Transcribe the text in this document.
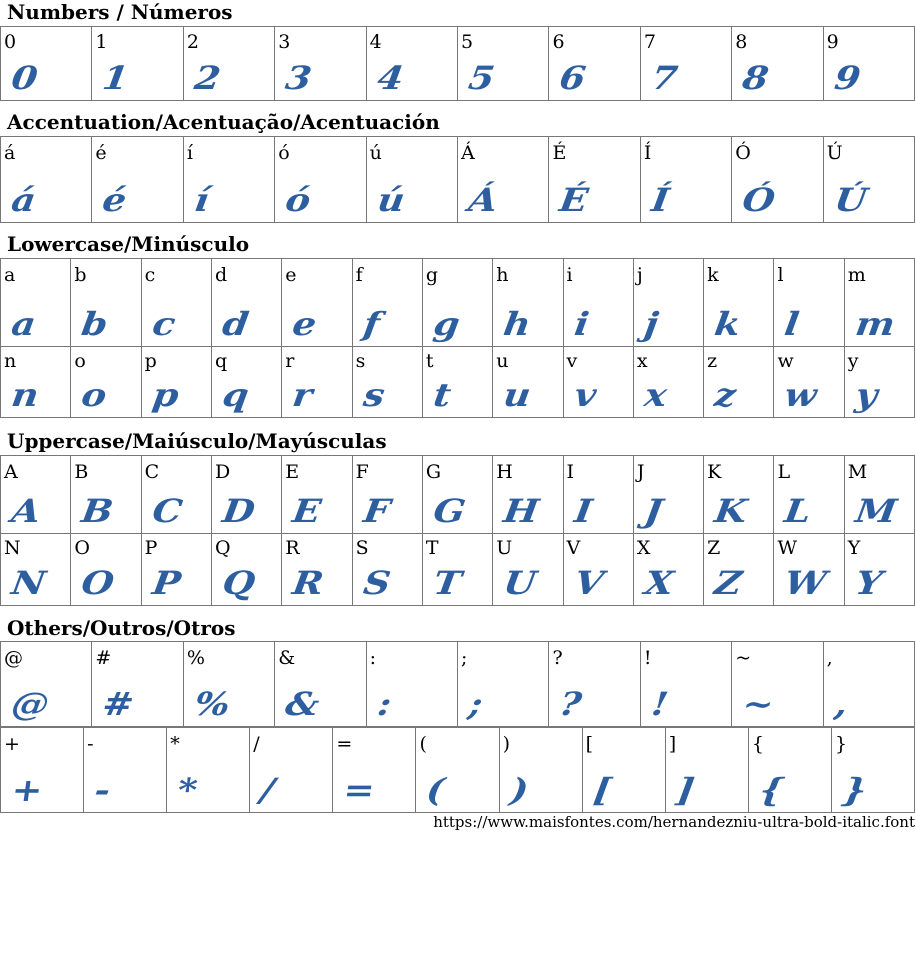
Numbers / Números
0
0
1
1
2
2
3
3
4
4
5
5
6
6
7
7
8
8
9
9
Accentuation/Acentuação/Acentuación
á
á
é
é
í
í
ó
ó
ú
ú
Á
Á
É
É
Í
Í
Ó
Ó
Ú
Ú
Lowercase/Minúsculo
a
a
b
b
c
c
d
d
e
e
f
f
g
g
h
h
i
i
j
j
k
k
l
l
m
m
n
n
o
o
p
p
q
q
r
r
s
s
t
t
u
u
v
v
x
x
z
z
w
w
y
y
Uppercase/Maiúsculo/Mayúsculas
A
A
B
B
C
C
D
D
E
E
F
F
G
G
H
H
I
I
J
J
K
K
L
L
M
M
N
N
O
O
P
P
Q
Q
R
R
S
S
T
T
U
U
V
V
X
X
Z
Z
W
W
Y
Y
Others/Outros/Otros
@
@
#
#
%
%
&
&
:
:
;
;
?
?
!
!
~
~
,
,
+
+
-
-
*
*
/
/
=
=
(
(
)
)
[
[
]
]
{
{
}
}
https://www.maisfontes.com/hernandezniu-ultra-bold-italic.font
